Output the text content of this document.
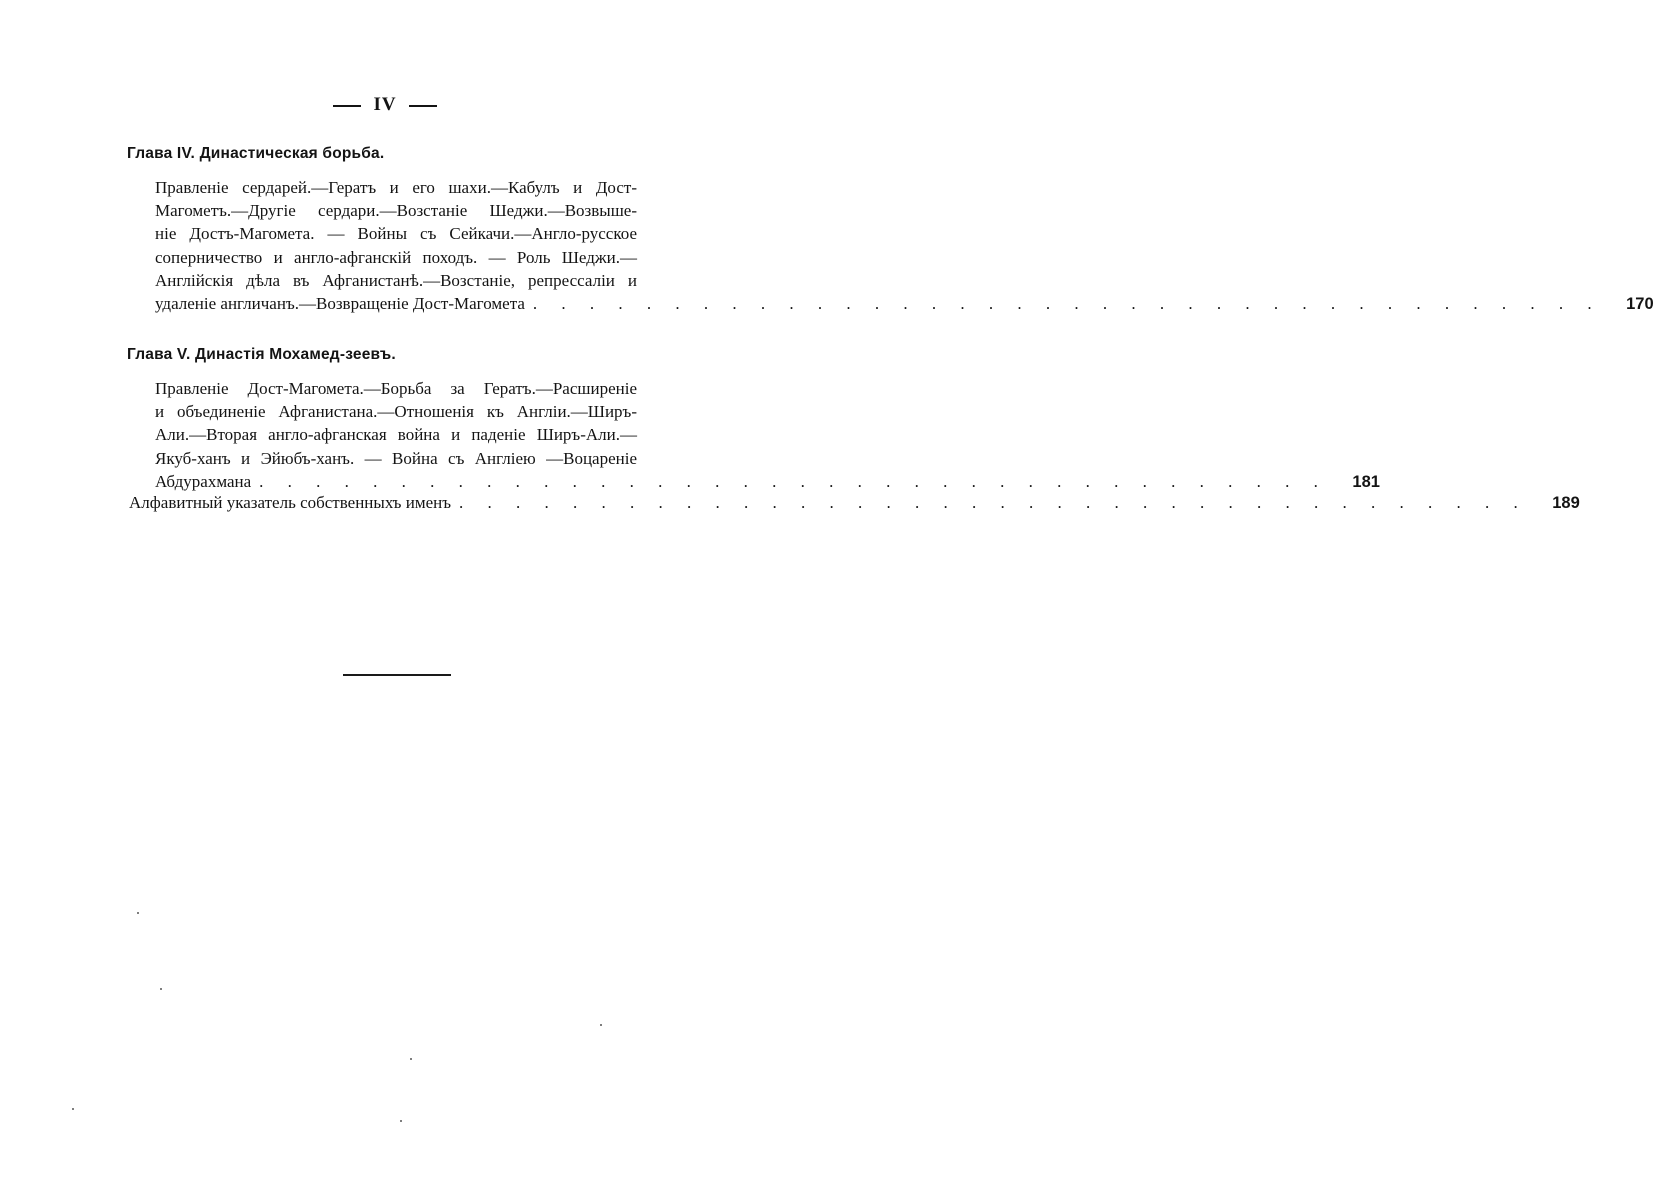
IV
Глава IV. Династическая борьба.
Правленіе сердарей.—Гератъ и его шахи.—Кабулъ и Дост-
Магометъ.—Другіе сердари.—Возстаніе Шеджи.—Возвыше-
ніе Достъ-Магомета. — Войны съ Сейкачи.—Англо-русское
соперничество и англо-афганскій походъ. — Роль Шеджи.—
Англійскія дѣла въ Афганистанѣ.—Возстаніе, репрессаліи и
удаленіе англичанъ.—Возвращеніе Дост-Магомета . . . . . . . . . . . . . . . . . . . . . . . . . . . . . . . . . . . . . .	170
Глава V. Династія Мохамед-зеевъ.
Правленіе Дост-Магомета.—Борьба за Гератъ.—Расширеніе
и объединеніе Афганистана.—Отношенія къ Англіи.—Ширъ-
Али.—Вторая англо-афганская война и паденіе Ширъ-Али.—
Якуб-ханъ и Эйюбъ-ханъ. — Война съ Англіею —Воцареніе
Абдурахмана . . . . . . . . . . . . . . . . . . . . . . . . . . . . . . . . . . . . . .	181
Алфавитный указатель собственныхъ именъ . . . . . . . . . . . . . . . . . . . . . . . . . . . . . . . . . . . . . .	189
